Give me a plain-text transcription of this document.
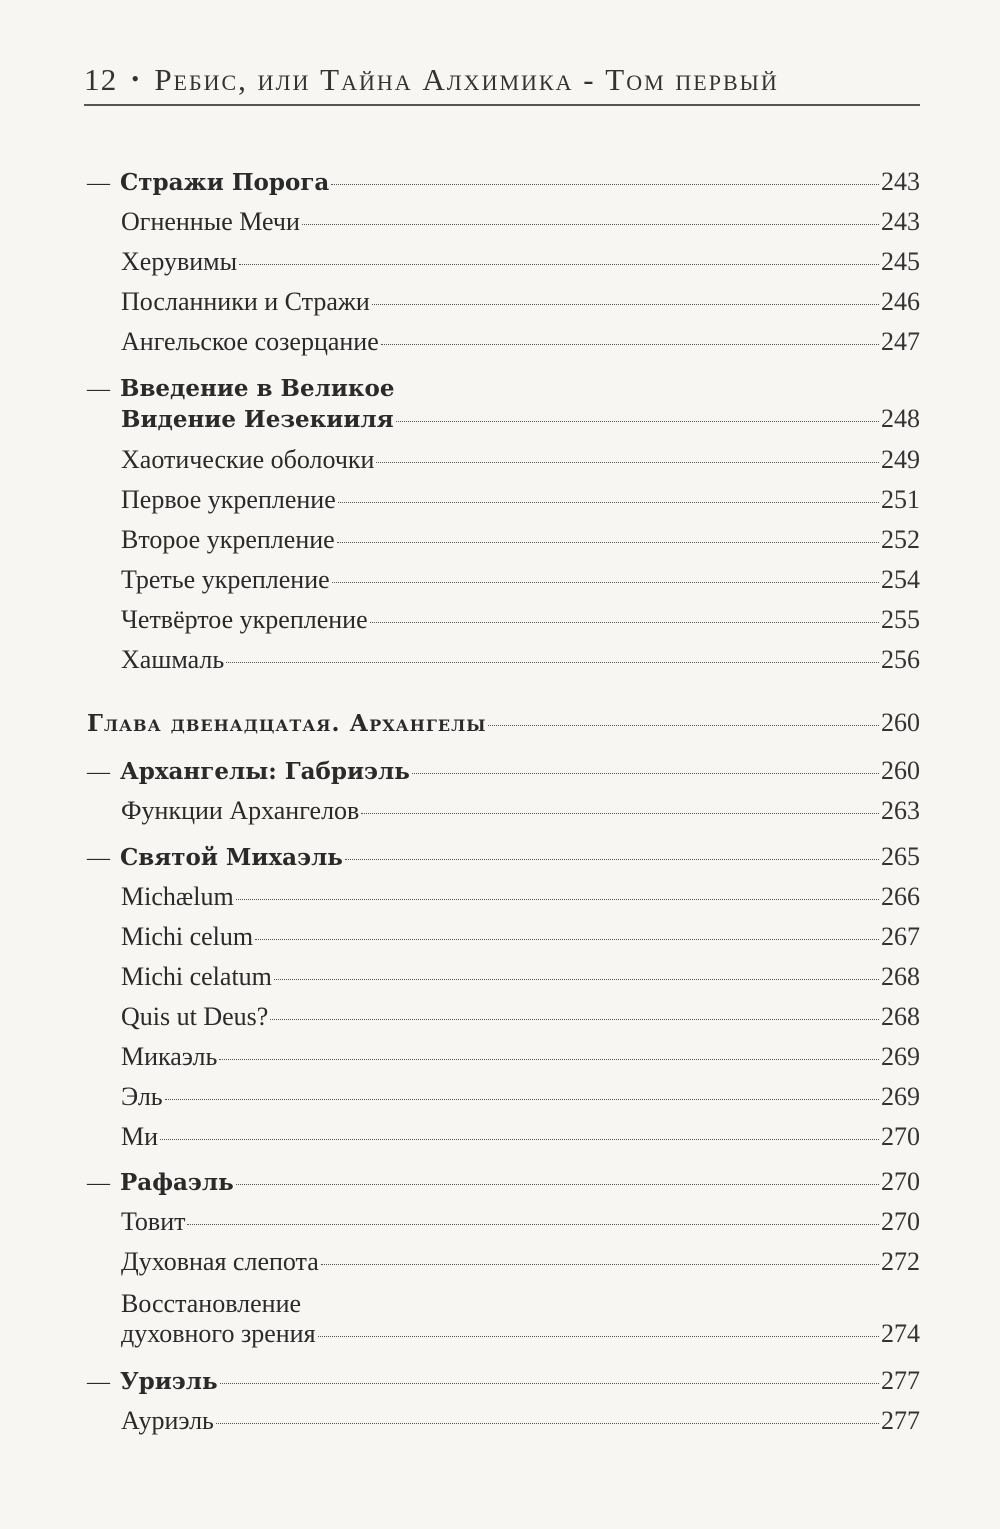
12 • Ребис, или Тайна Алхимика - Том первый
— Стражи Порога	243
Огненные Мечи	243
Херувимы	245
Посланники и Стражи	246
Ангельское созерцание	247
— Введение в Великое
Видение Иезекииля	248
Хаотические оболочки	249
Первое укрепление	251
Второе укрепление	252
Третье укрепление	254
Четвёртое укрепление	255
Хашмаль	256
Глава двенадцатая. Архангелы	260
— Архангелы: Габриэль	260
Функции Архангелов	263
— Святой Михаэль	265
Michælum	266
Michi celum	267
Michi celatum	268
Quis ut Deus?	268
Микаэль	269
Эль	269
Ми	270
— Рафаэль	270
Товит	270
Духовная слепота	272
Восстановление
духовного зрения	274
— Уриэль	277
Ауриэль	277
